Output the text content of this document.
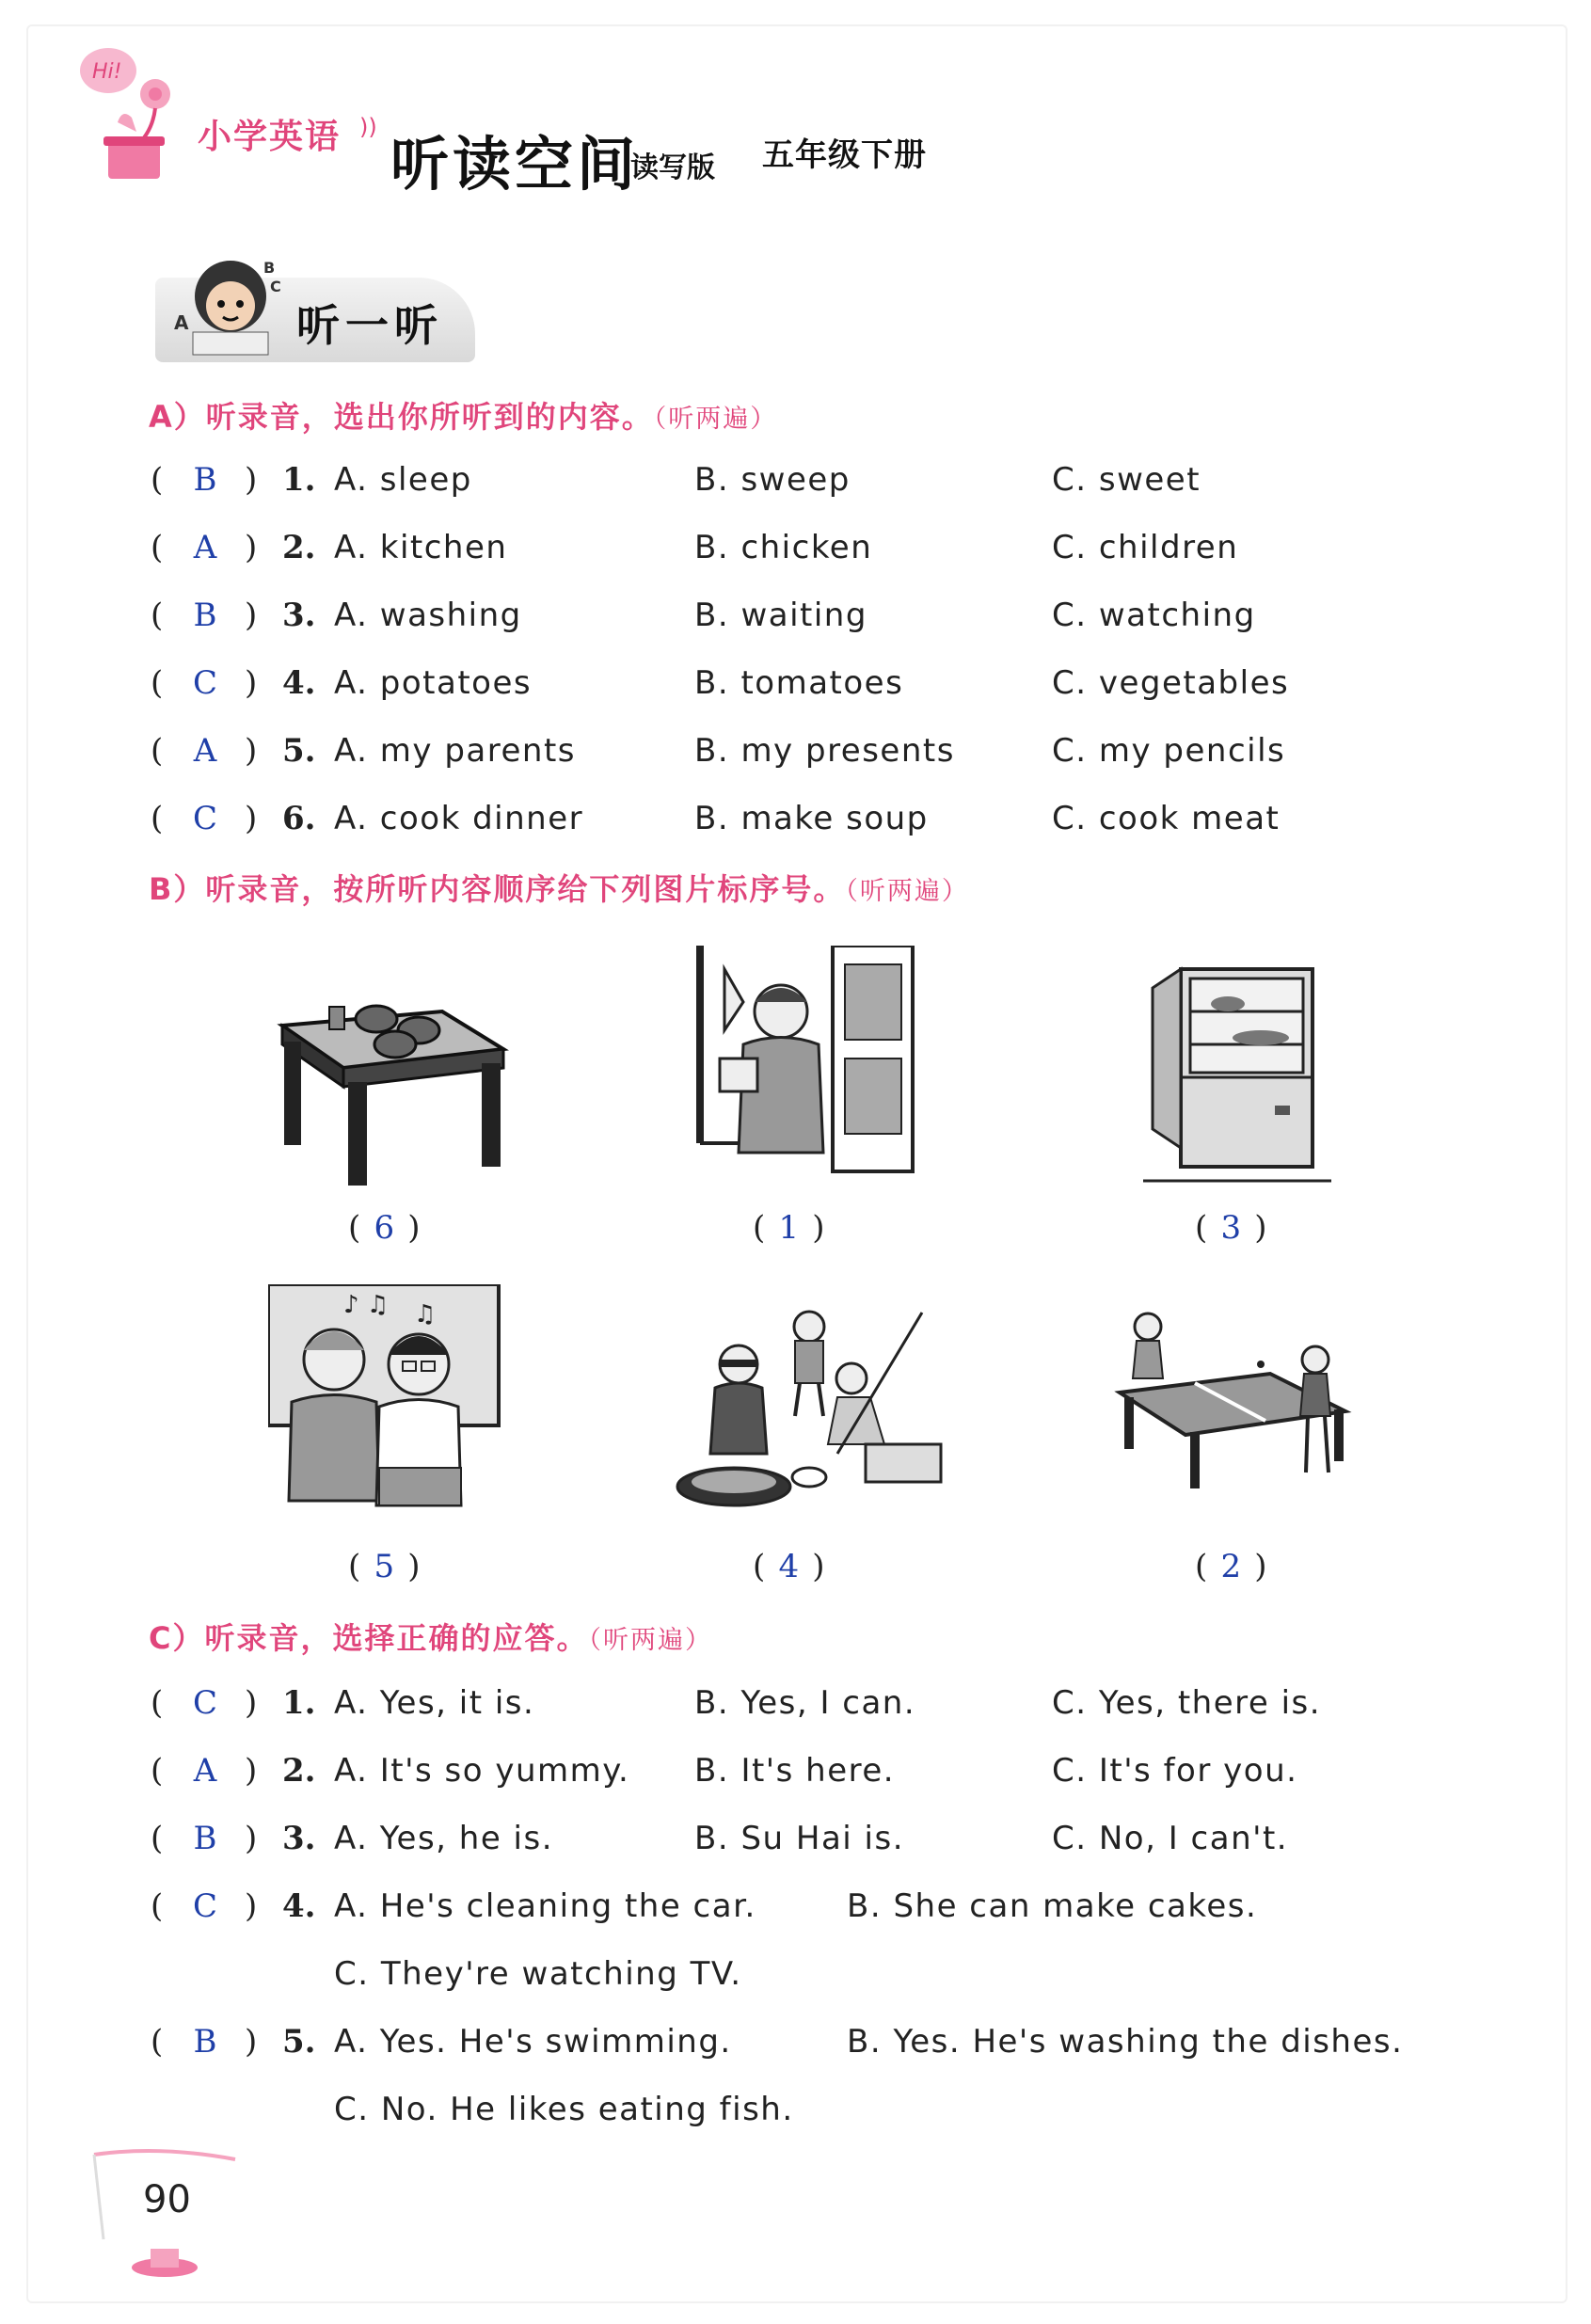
Hi!
小学英语 ))
听读空间
读写版 五年级下册
A
B
C
听一听
A）听录音，选出你所听到的内容。（听两遍）
( B ) 1. A. sleep	B. sweep	C. sweet
( A ) 2. A. kitchen	B. chicken	C. children
( B ) 3. A. washing	B. waiting	C. watching
( C ) 4. A. potatoes	B. tomatoes	C. vegetables
( A ) 5. A. my parents	B. my presents	C. my pencils
( C ) 6. A. cook dinner	B. make soup	C. cook meat
B）听录音，按所听内容顺序给下列图片标序号。（听两遍）
( 6 )	( 1 )	( 3 )
♪ ♫ ♫
( 5 )	( 4 )	( 2 )
C）听录音，选择正确的应答。（听两遍）
( C ) 1. A. Yes, it is.	B. Yes, I can.	C. Yes, there is.
( A ) 2. A. It's so yummy. B. It's here.	C. It's for you.
( B ) 3. A. Yes, he is.	B. Su Hai is.	C. No, I can't.
( C ) 4. A. He's cleaning the car.	B. She can make cakes.
C. They're watching TV.
( B ) 5. A. Yes. He's swimming.	B. Yes. He's washing the dishes.
C. No. He likes eating fish.
90
